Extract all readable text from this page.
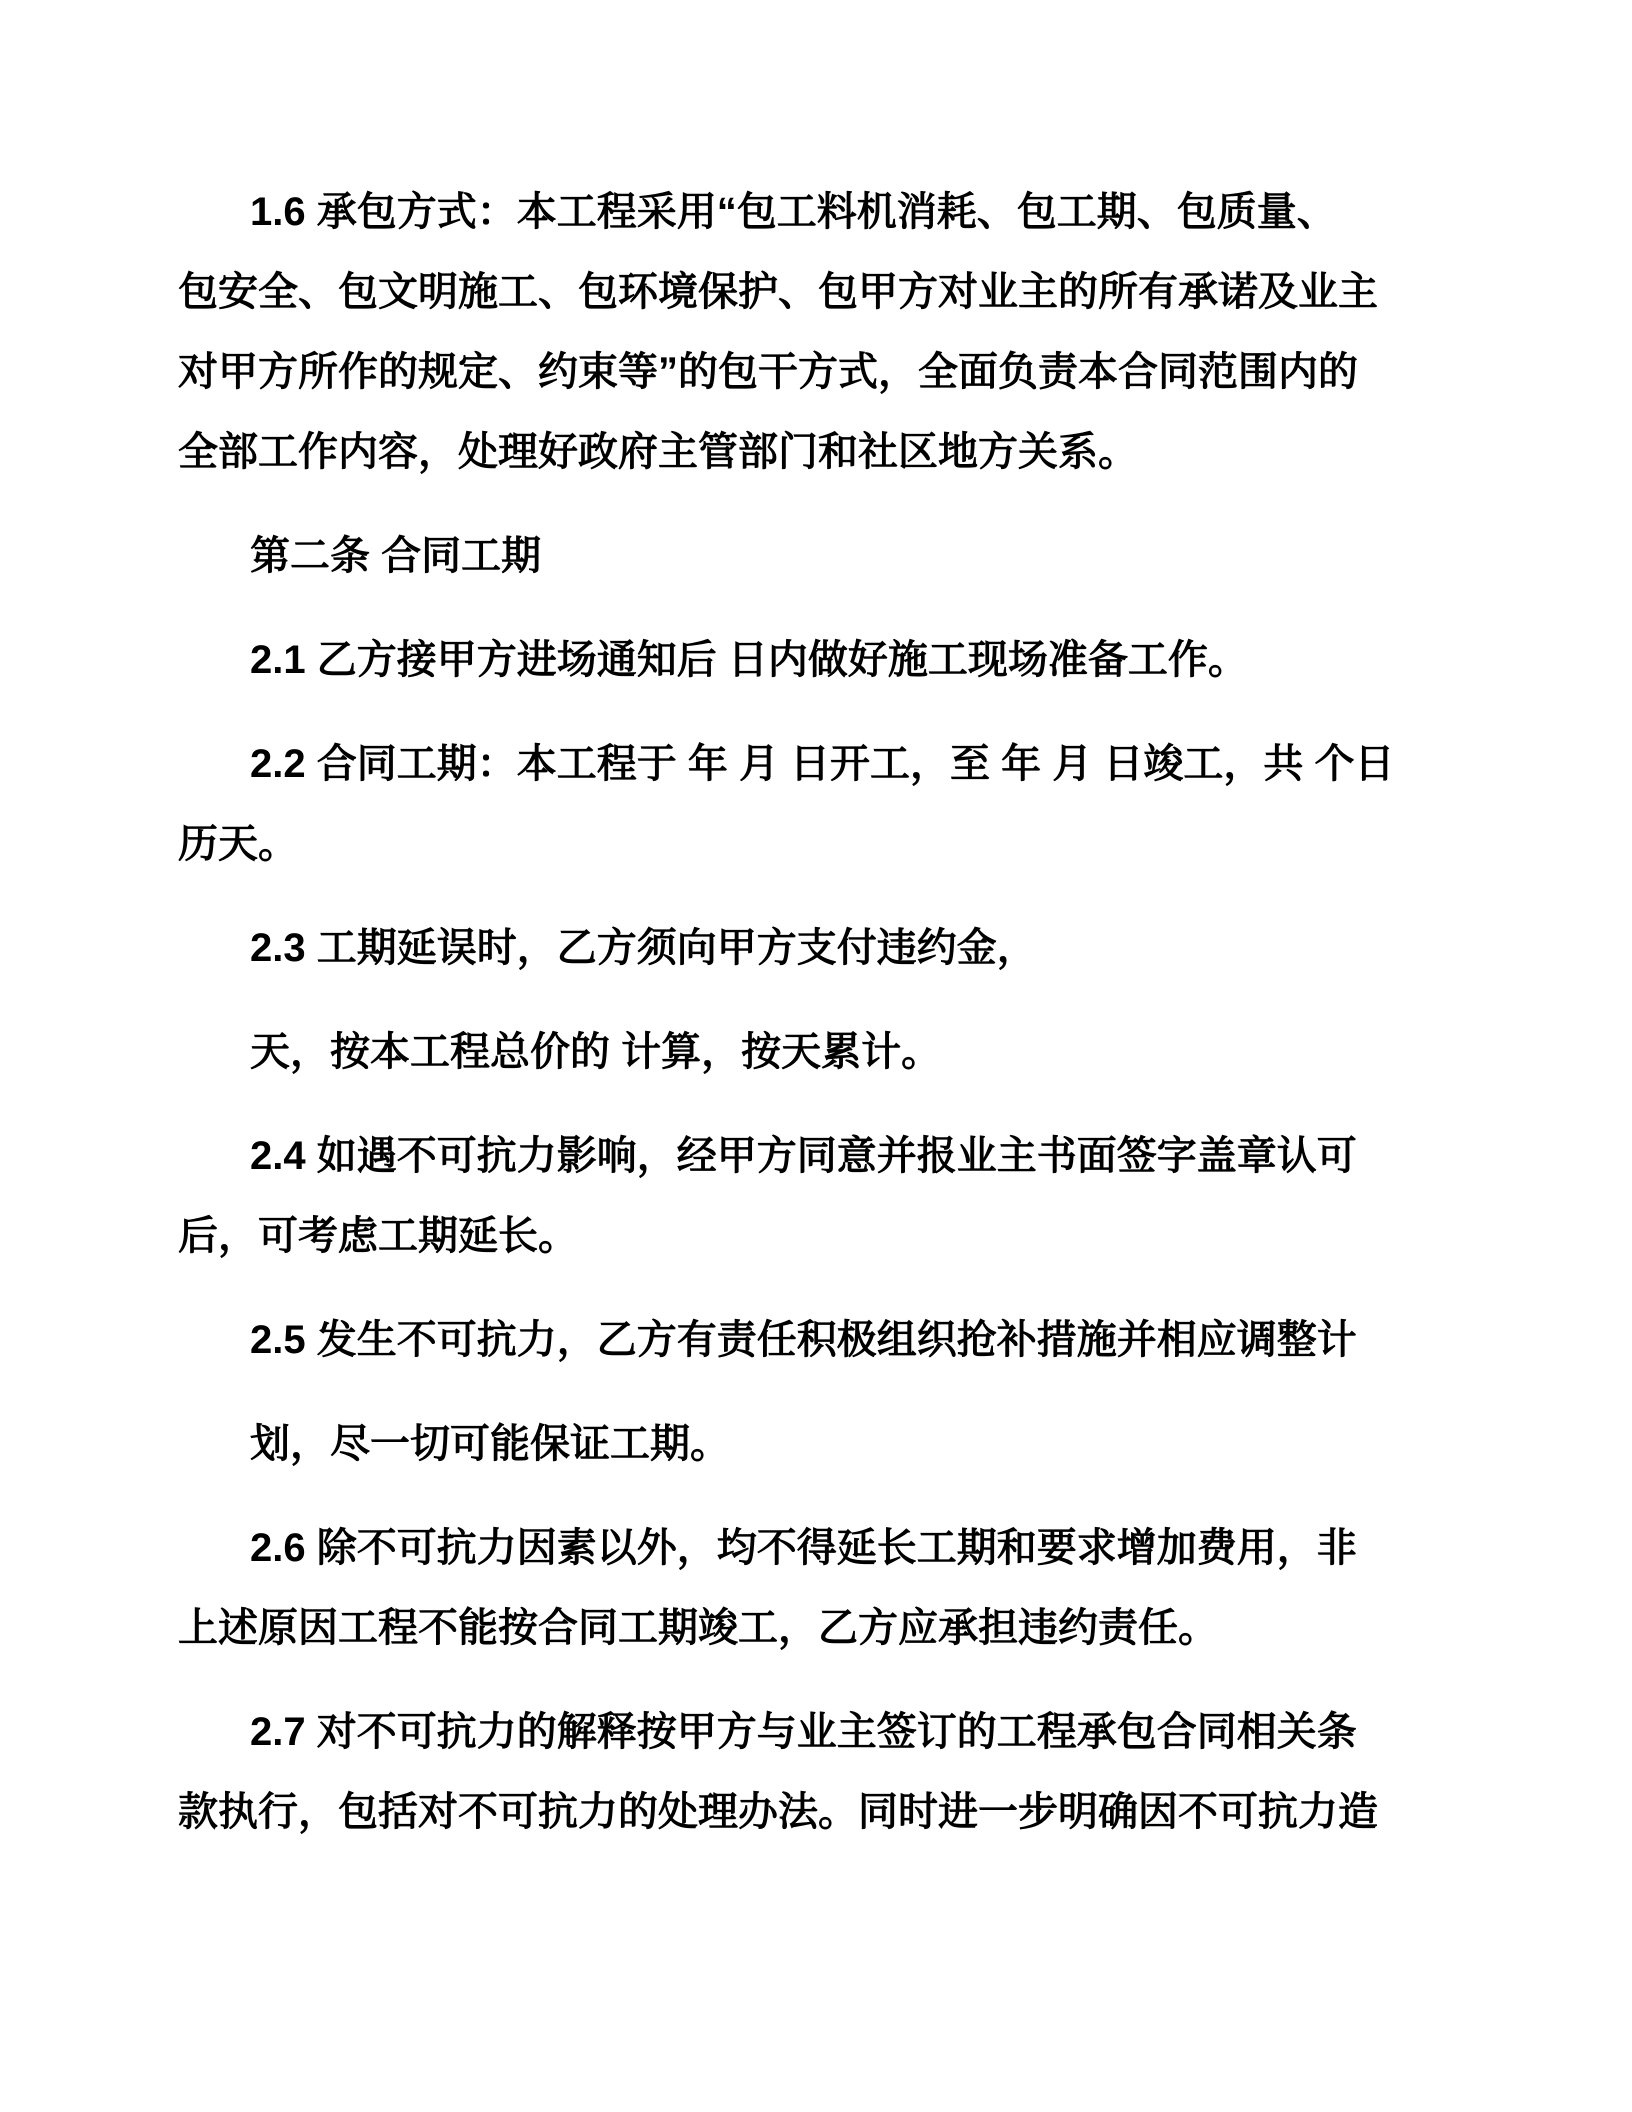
1.6 承包方式：本工程采用“包工料机消耗、包工期、包质量、
包安全、包文明施工、包环境保护、包甲方对业主的所有承诺及业主
对甲方所作的规定、约束等”的包干方式，全面负责本合同范围内的
全部工作内容，处理好政府主管部门和社区地方关系。

第二条 合同工期

2.1 乙方接甲方进场通知后 日内做好施工现场准备工作。

2.2 合同工期：本工程于 年 月 日开工，至 年 月 日竣工，共 个日
历天。

2.3 工期延误时，乙方须向甲方支付违约金，

天，按本工程总价的 计算，按天累计。

2.4 如遇不可抗力影响，经甲方同意并报业主书面签字盖章认可
后，可考虑工期延长。

2.5 发生不可抗力，乙方有责任积极组织抢补措施并相应调整计

划，尽一切可能保证工期。

2.6 除不可抗力因素以外，均不得延长工期和要求增加费用，非
上述原因工程不能按合同工期竣工，乙方应承担违约责任。

2.7 对不可抗力的解释按甲方与业主签订的工程承包合同相关条
款执行，包括对不可抗力的处理办法。同时进一步明确因不可抗力造
